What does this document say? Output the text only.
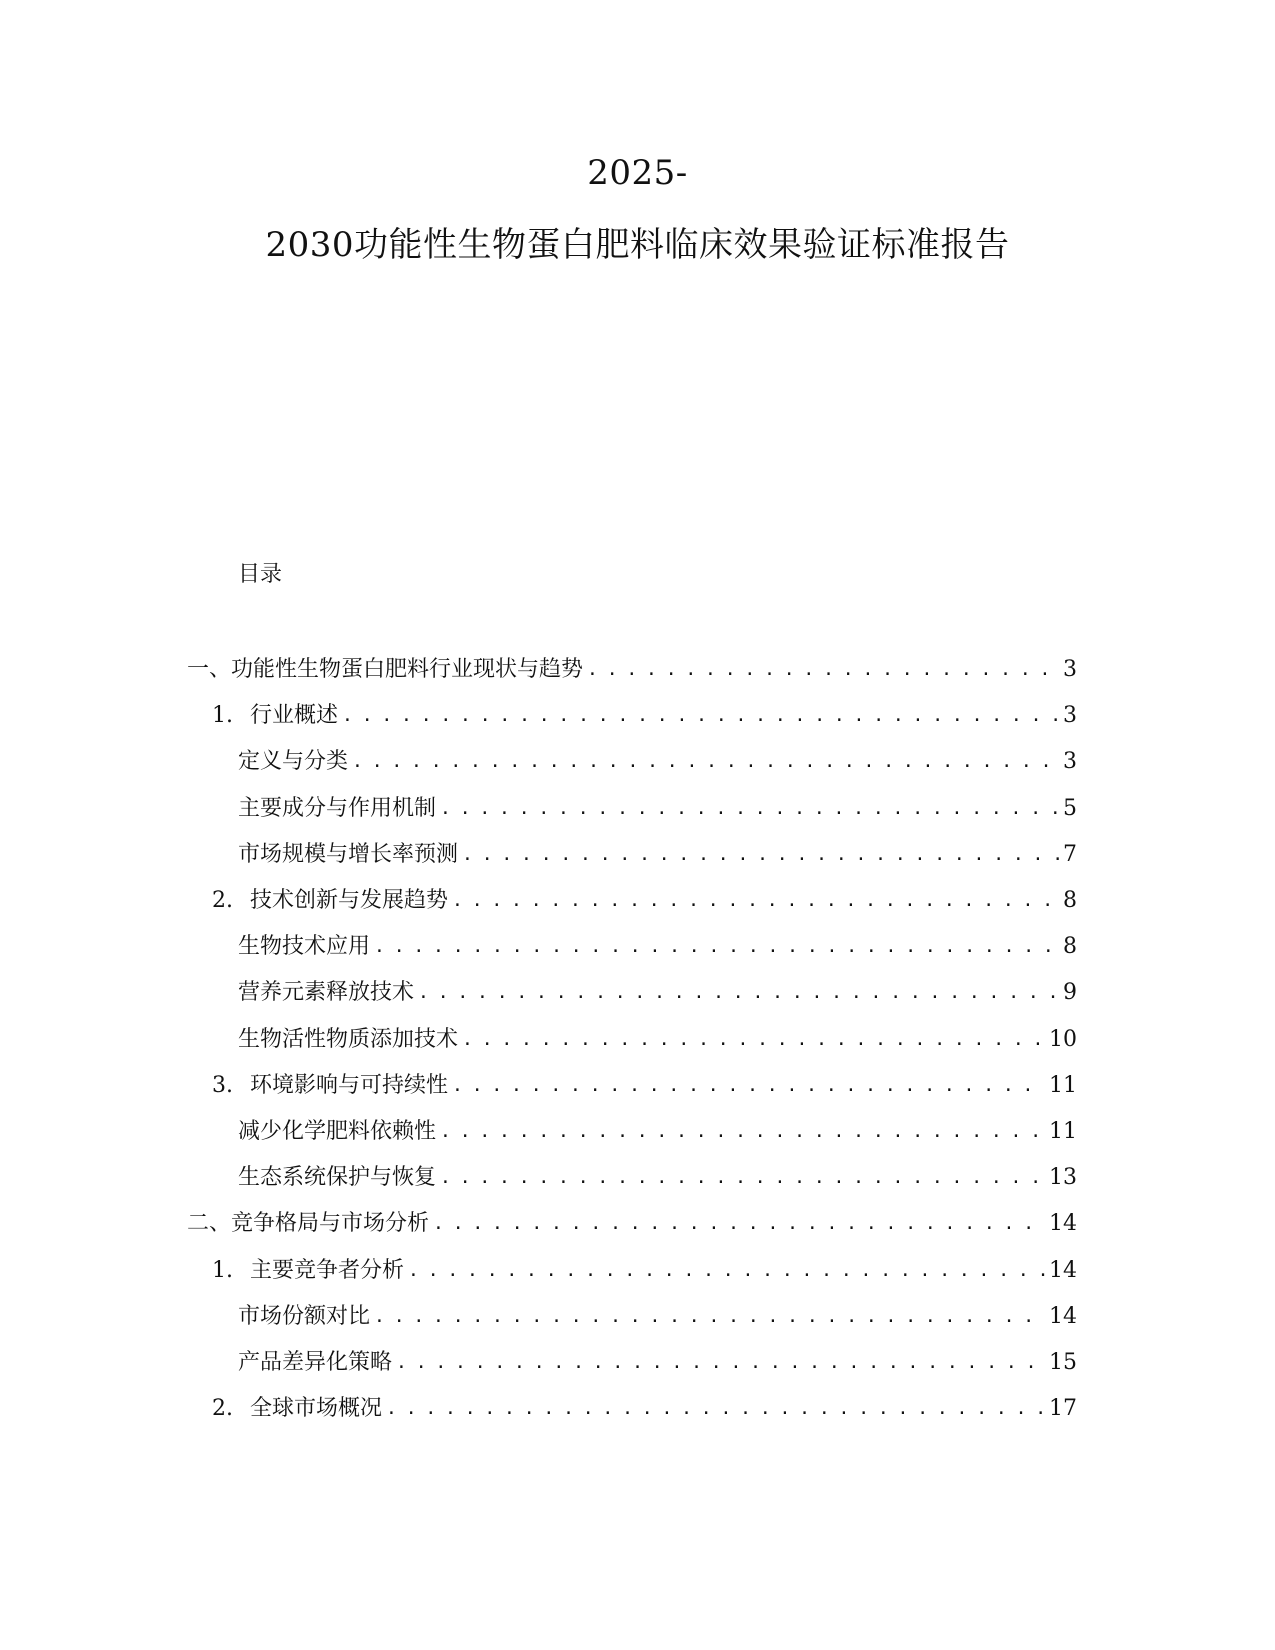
2025-
2030功能性生物蛋白肥料临床效果验证标准报告
目录
一、 功能性生物蛋白肥料行业现状与趋势 . . .	3
1. 行业概述 . . .	3
定义与分类 . . .	3
主要成分与作用机制 . . .	5
市场规模与增长率预测 . . .	7
2. 技术创新与发展趋势 . . .	8
生物技术应用 . . .	8
营养元素释放技术 . . .	9
生物活性物质添加技术 . . .	10
3. 环境影响与可持续性 . . .	11
减少化学肥料依赖性 . . .	11
生态系统保护与恢复 . . .	13
二、 竞争格局与市场分析 . . .	14
1. 主要竞争者分析 . . .	14
市场份额对比 . . .	14
产品差异化策略 . . .	15
2. 全球市场概况 . . .	17
